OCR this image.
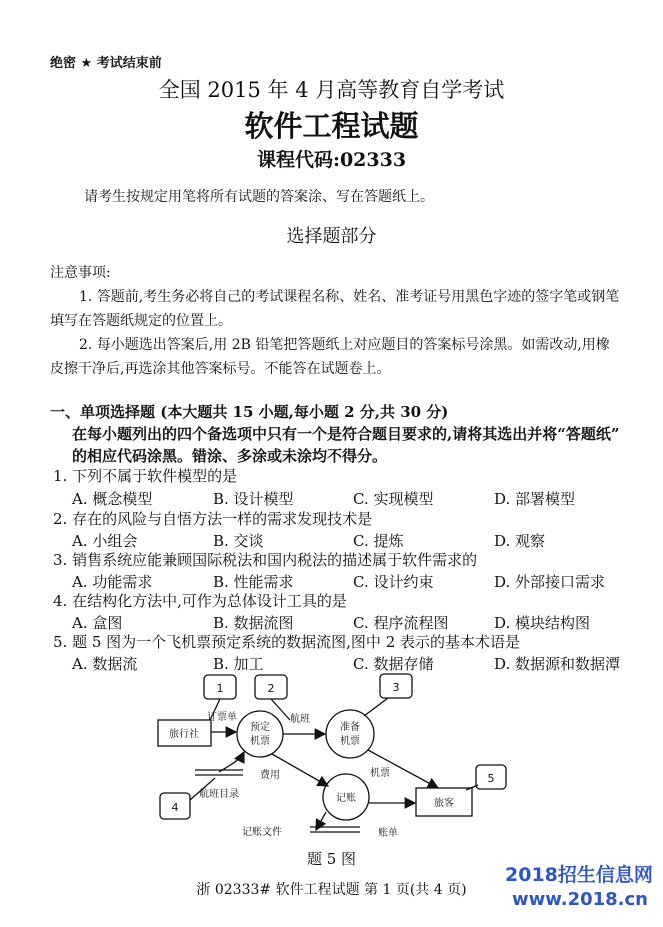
绝密 ★ 考试结束前
全国 2015 年 4 月高等教育自学考试
软件工程试题
课程代码:02333
请考生按规定用笔将所有试题的答案涂、写在答题纸上。
选择题部分
注意事项:
1. 答题前,考生务必将自己的考试课程名称、姓名、准考证号用黑色字迹的签字笔或钢笔
填写在答题纸规定的位置上。
2. 每小题选出答案后,用 2B 铅笔把答题纸上对应题目的答案标号涂黑。如需改动,用橡
皮擦干净后,再选涂其他答案标号。不能答在试题卷上。
一、单项选择题 (本大题共 15 小题,每小题 2 分,共 30 分)
在每小题列出的四个备选项中只有一个是符合题目要求的,请将其选出并将“答题纸”
的相应代码涂黑。错涂、多涂或未涂均不得分。
1. 下列不属于软件模型的是
A. 概念模型	B. 设计模型	C. 实现模型	D. 部署模型
2. 存在的风险与自悟方法一样的需求发现技术是
A. 小组会	B. 交谈	C. 提炼	D. 观察
3. 销售系统应能兼顾国际税法和国内税法的描述属于软件需求的
A. 功能需求	B. 性能需求	C. 设计约束	D. 外部接口需求
4. 在结构化方法中,可作为总体设计工具的是
A. 盒图	B. 数据流图	C. 程序流程图	D. 模块结构图
5. 题 5 图为一个飞机票预定系统的数据流图,图中 2 表示的基本术语是
A. 数据流	B. 加工	C. 数据存储	D. 数据源和数据潭
1	2	3
4
5
旅行社
预定
机票
准备
机票
记账	旅客
订票单	航班
费用	机票
账单
航班目录
记账文件
题 5 图
浙 02333# 软件工程试题 第 1 页(共 4 页)
2018招生信息网
www.2018.cn
